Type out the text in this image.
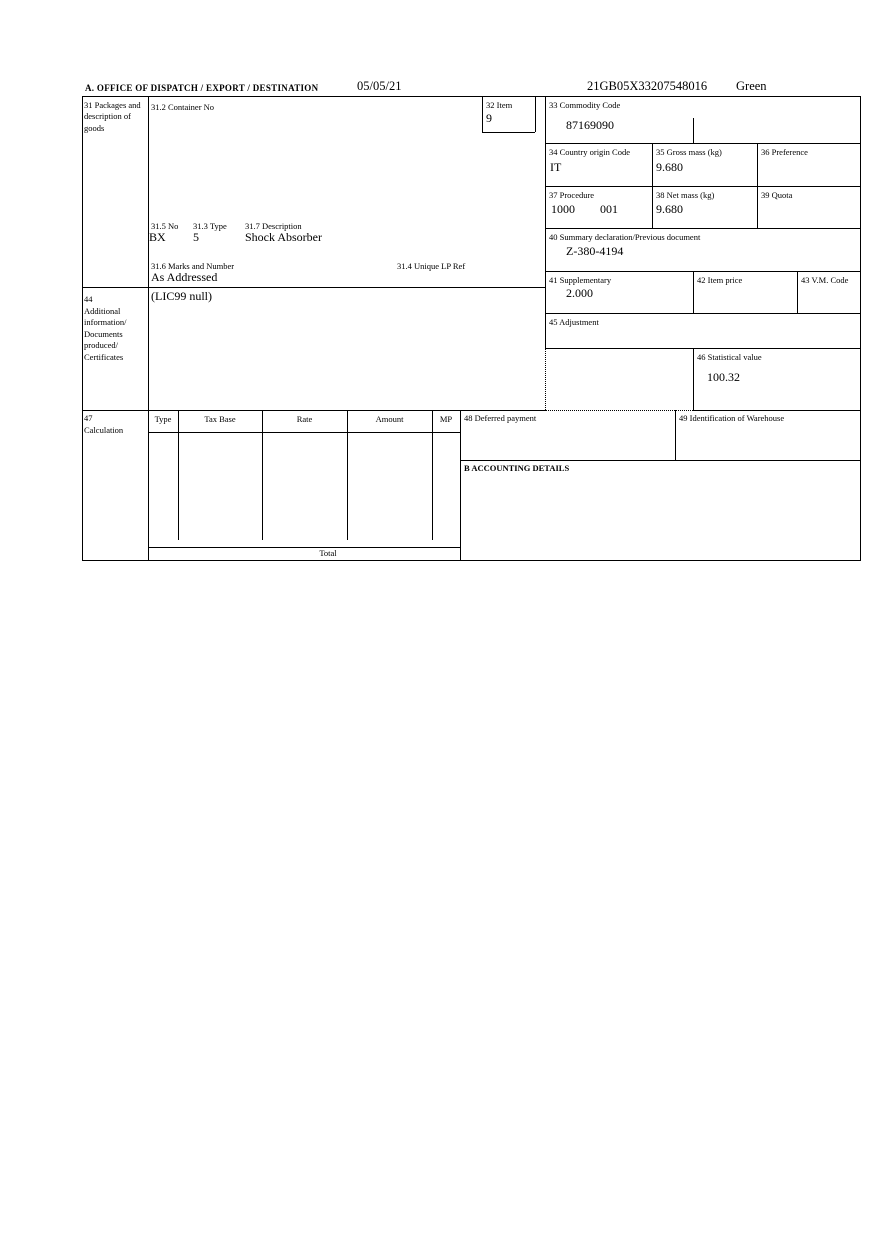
A. OFFICE OF DISPATCH / EXPORT / DESTINATION	05/05/21	21GB05X33207548016 Green
31 Packages and description of goods
31.2 Container No
31.5 No 31.3 Type 31.7 Description
BX 5	Shock Absorber
31.6 Marks and Number	31.4 Unique LP Ref
As Addressed
32 Item
9
33 Commodity Code
87169090
34 Country origin Code
IT
35 Gross mass (kg)
9.680
36 Preference
37 Procedure
1000 001
38 Net mass (kg)
9.680
39 Quota
40 Summary declaration/Previous document
Z-380-4194
41 Supplementary
2.000
42 Item price	43 V.M. Code
44
Additional information/ Documents produced/ Certificates
(LIC99 null)
45 Adjustment
46 Statistical value
100.32
47
Calculation
Type	Tax Base	Rate	Amount	MP
Total
48 Deferred payment	49 Identification of Warehouse
B ACCOUNTING DETAILS
